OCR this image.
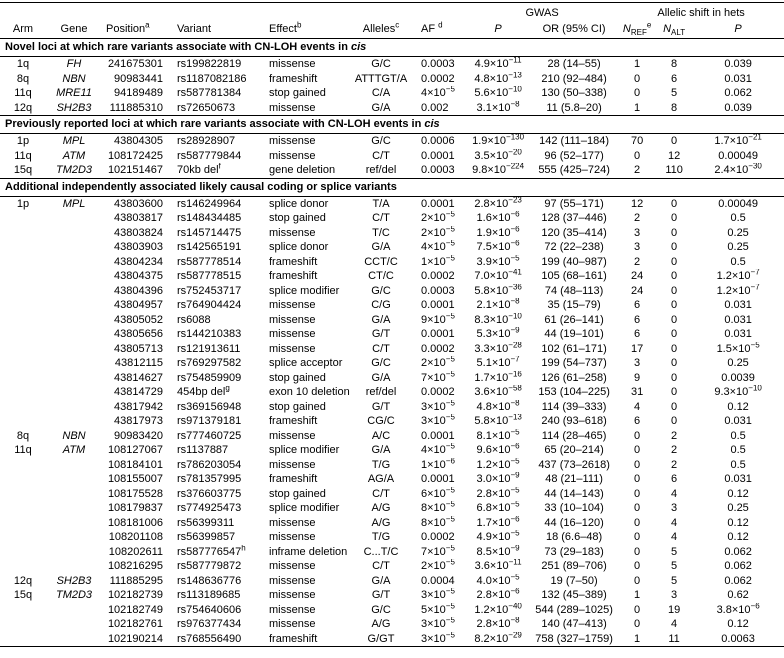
							GWAS		Allelic shift in hets		
Arm	Gene	Position$^a$	Variant	Effect$^b$	Alleles$^c$	AF $^d$	P	OR (95% CI)	$N_{REF}^e$	$N_{ALT}$	P
Novel loci at which rare variants associate with CN-LOH events in cis											
1q	FH	241675301	rs199822819	missense	G/C	0.0003	$4.9\times 10^{-11}$	28 (14–55)	1	8	0.039
8q	NBN	90983441	rs1187082186	frameshift	ATTTGT/A	0.0002	$4.8\times 10^{-13}$	210 (92–484)	0	6	0.031
11q	MRE11	94189489	rs587781384	stop gained	C/A	$4\times 10^{-5}$	$5.6\times 10^{-10}$	130 (50–338)	0	5	0.062
12q	SH2B3	111885310	rs72650673	missense	G/A	0.002	$3.1\times 10^{-8}$	11 (5.8–20)	1	8	0.039
Previously reported loci at which rare variants associate with CN-LOH events in cis											
1p	MPL	43804305	rs28928907	missense	G/C	0.0006	$1.9\times 10^{-130}$	142 (111–184)	70	0	$1.7\times 10^{-21}$
11q	ATM	108172425	rs587779844	missense	C/T	0.0001	$3.5\times 10^{-20}$	96 (52–177)	0	12	0.00049
15q	TM2D3	102151467	70kb del$^f$	gene deletion	ref/del	0.0003	$9.8\times 10^{-224}$	555 (425–724)	2	110	$2.4\times 10^{-30}$
Additional independently associated likely causal coding or splice variants											
1p	MPL	43803600	rs146249964	splice donor	T/A	0.0001	$2.8\times 10^{-23}$	97 (55–171)	12	0	0.00049
		43803817	rs148434485	stop gained	C/T	$2\times 10^{-5}$	$1.6\times 10^{-6}$	128 (37–446)	2	0	0.5
		43803824	rs145714475	missense	T/C	$2\times 10^{-5}$	$1.9\times 10^{-6}$	120 (35–414)	3	0	0.25
		43803903	rs142565191	splice donor	G/A	$4\times 10^{-5}$	$7.5\times 10^{-6}$	72 (22–238)	3	0	0.25
		43804234	rs587778514	frameshift	CCT/C	$1\times 10^{-5}$	$3.9\times 10^{-5}$	199 (40–987)	2	0	0.5
		43804375	rs587778515	frameshift	CT/C	0.0002	$7.0\times 10^{-41}$	105 (68–161)	24	0	$1.2\times 10^{-7}$
		43804396	rs752453717	splice modifier	G/C	0.0003	$5.8\times 10^{-36}$	74 (48–113)	24	0	$1.2\times 10^{-7}$
		43804957	rs764904424	missense	C/G	0.0001	$2.1\times 10^{-8}$	35 (15–79)	6	0	0.031
		43805052	rs6088	missense	G/A	$9\times 10^{-5}$	$8.3\times 10^{-10}$	61 (26–141)	6	0	0.031
		43805656	rs144210383	missense	G/T	0.0001	$5.3\times 10^{-9}$	44 (19–101)	6	0	0.031
		43805713	rs121913611	missense	C/T	0.0002	$3.3\times 10^{-28}$	102 (61–171)	17	0	$1.5\times 10^{-5}$
		43812115	rs769297582	splice acceptor	G/C	$2\times 10^{-5}$	$5.1\times 10^{-7}$	199 (54–737)	3	0	0.25
		43814627	rs754859909	stop gained	G/A	$7\times 10^{-5}$	$1.7\times 10^{-16}$	126 (61–258)	9	0	0.0039
		43814729	454bp del$^g$	exon 10 deletion	ref/del	0.0002	$3.6\times 10^{-58}$	153 (104–225)	31	0	$9.3\times 10^{-10}$
		43817942	rs369156948	stop gained	G/T	$3\times 10^{-5}$	$4.8\times 10^{-8}$	114 (39–333)	4	0	0.12
		43817973	rs971379181	frameshift	CG/C	$3\times 10^{-5}$	$5.8\times 10^{-13}$	240 (93–618)	6	0	0.031
8q	NBN	90983420	rs777460725	missense	A/C	0.0001	$8.1\times 10^{-5}$	114 (28–465)	0	2	0.5
11q	ATM	108127067	rs1137887	splice modifier	G/A	$4\times 10^{-5}$	$9.6\times 10^{-6}$	65 (20–214)	0	2	0.5
		108184101	rs786203054	missense	T/G	$1\times 10^{-6}$	$1.2\times 10^{-5}$	437 (73–2618)	0	2	0.5
		108155007	rs781357995	frameshift	AG/A	0.0001	$3.0\times 10^{-9}$	48 (21–111)	0	6	0.031
		108175528	rs376603775	stop gained	C/T	$6\times 10^{-5}$	$2.8\times 10^{-5}$	44 (14–143)	0	4	0.12
		108179837	rs774925473	splice modifier	A/G	$8\times 10^{-5}$	$6.8\times 10^{-5}$	33 (10–104)	0	3	0.25
		108181006	rs56399311	missense	A/G	$8\times 10^{-5}$	$1.7\times 10^{-6}$	44 (16–120)	0	4	0.12
		108201108	rs56399857	missense	T/G	0.0002	$4.9\times 10^{-5}$	18 (6.6–48)	0	4	0.12
		108202611	rs587776547$^h$	inframe deletion	C...T/C	$7\times 10^{-5}$	$8.5\times 10^{-9}$	73 (29–183)	0	5	0.062
		108216295	rs587779872	missense	C/T	$2\times 10^{-5}$	$3.6\times 10^{-11}$	251 (89–706)	0	5	0.062
12q	SH2B3	111885295	rs148636776	missense	G/A	0.0004	$4.0\times 10^{-5}$	19 (7–50)	0	5	0.062
15q	TM2D3	102182739	rs113189685	missense	G/T	$3\times 10^{-5}$	$2.8\times 10^{-6}$	132 (45–389)	1	3	0.62
		102182749	rs754640606	missense	G/C	$5\times 10^{-5}$	$1.2\times 10^{-40}$	544 (289–1025)	0	19	$3.8\times 10^{-6}$
		102182761	rs976377434	missense	A/G	$3\times 10^{-5}$	$2.8\times 10^{-8}$	140 (47–413)	0	4	0.12
		102190214	rs768556490	frameshift	G/GT	$3\times 10^{-5}$	$8.2\times 10^{-29}$	758 (327–1759)	1	11	0.0063
